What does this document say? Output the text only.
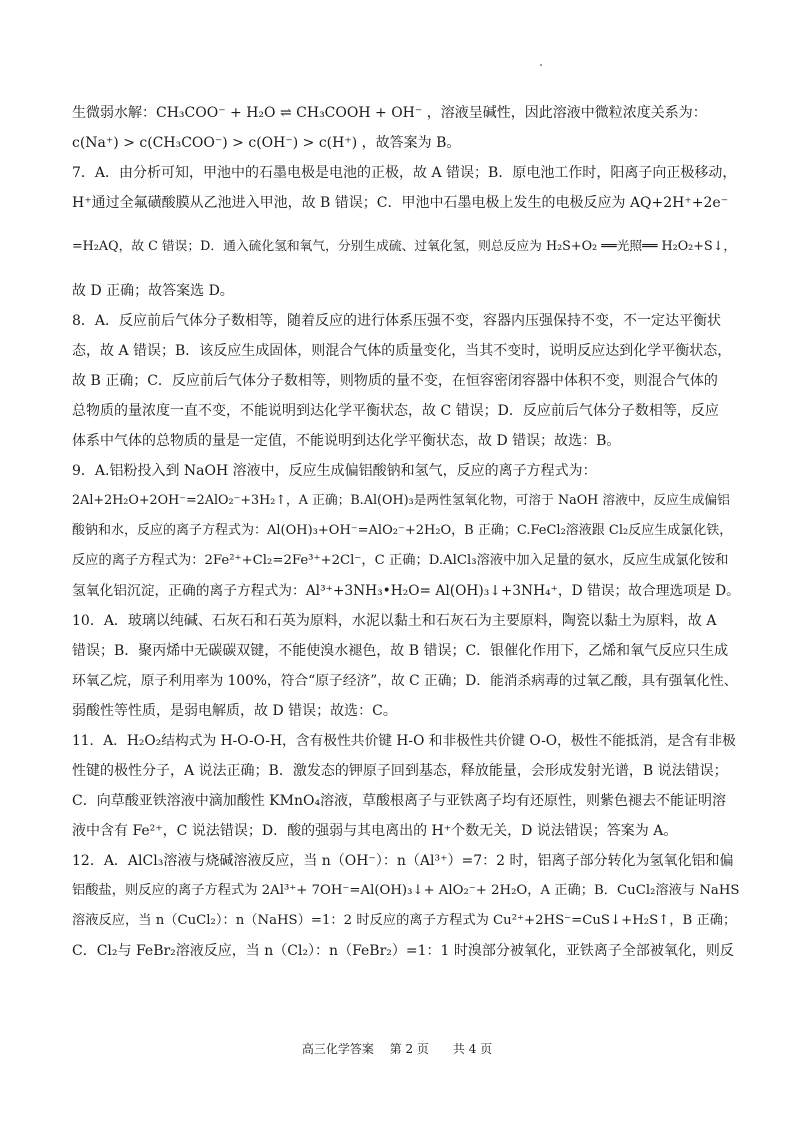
生微弱水解：CH₃COO⁻ + H₂O ⇌ CH₃COOH + OH⁻ ，溶液呈碱性，因此溶液中微粒浓度关系为：
c(Na⁺) > c(CH₃COO⁻) > c(OH⁻) > c(H⁺) ，故答案为 B。
7．A．由分析可知，甲池中的石墨电极是电池的正极，故 A 错误；B．原电池工作时，阳离子向正极移动，
H⁺通过全氟磺酸膜从乙池进入甲池，故 B 错误；C．甲池中石墨电极上发生的电极反应为 AQ+2H⁺+2e⁻
=H₂AQ，故 C 错误；D．通入硫化氢和氧气，分别生成硫、过氧化氢，则总反应为 H₂S+O₂ ══光照══ H₂O₂+S↓，
故 D 正确；故答案选 D。
8．A．反应前后气体分子数相等，随着反应的进行体系压强不变，容器内压强保持不变，不一定达平衡状
态，故 A 错误；B．该反应生成固体，则混合气体的质量变化，当其不变时，说明反应达到化学平衡状态，
故 B 正确；C．反应前后气体分子数相等，则物质的量不变，在恒容密闭容器中体积不变，则混合气体的
总物质的量浓度一直不变，不能说明到达化学平衡状态，故 C 错误；D．反应前后气体分子数相等，反应
体系中气体的总物质的量是一定值，不能说明到达化学平衡状态，故 D 错误；故选：B。
9．A.铝粉投入到 NaOH 溶液中，反应生成偏铝酸钠和氢气，反应的离子方程式为：
2Al+2H₂O+2OH⁻=2AlO₂⁻+3H₂↑，A 正确；B.Al(OH)₃是两性氢氧化物，可溶于 NaOH 溶液中，反应生成偏铝
酸钠和水，反应的离子方程式为：Al(OH)₃+OH⁻=AlO₂⁻+2H₂O，B 正确；C.FeCl₂溶液跟 Cl₂反应生成氯化铁，
反应的离子方程式为：2Fe²⁺+Cl₂=2Fe³⁺+2Cl⁻，C 正确；D.AlCl₃溶液中加入足量的氨水，反应生成氯化铵和
氢氧化铝沉淀，正确的离子方程式为：Al³⁺+3NH₃•H₂O= Al(OH)₃↓+3NH₄⁺，D 错误；故合理选项是 D。
10．A．玻璃以纯碱、石灰石和石英为原料，水泥以黏土和石灰石为主要原料，陶瓷以黏土为原料，故 A
错误；B．聚丙烯中无碳碳双键，不能使溴水褪色，故 B 错误；C．银催化作用下，乙烯和氧气反应只生成
环氧乙烷，原子利用率为 100%，符合“原子经济”，故 C 正确；D．能消杀病毒的过氧乙酸，具有强氧化性、
弱酸性等性质，是弱电解质，故 D 错误；故选：C。
11．A．H₂O₂结构式为 H-O-O-H，含有极性共价键 H-O 和非极性共价键 O-O，极性不能抵消，是含有非极
性键的极性分子，A 说法正确；B．激发态的钾原子回到基态，释放能量，会形成发射光谱，B 说法错误；
C．向草酸亚铁溶液中滴加酸性 KMnO₄溶液，草酸根离子与亚铁离子均有还原性，则紫色褪去不能证明溶
液中含有 Fe²⁺，C 说法错误；D．酸的强弱与其电离出的 H⁺个数无关，D 说法错误；答案为 A。
12．A．AlCl₃溶液与烧碱溶液反应，当 n（OH⁻）：n（Al³⁺）=7：2 时，铝离子部分转化为氢氧化铝和偏
铝酸盐，则反应的离子方程式为 2Al³⁺+ 7OH⁻=Al(OH)₃↓+ AlO₂⁻+ 2H₂O，A 正确；B．CuCl₂溶液与 NaHS
溶液反应，当 n（CuCl₂）：n（NaHS）=1：2 时反应的离子方程式为 Cu²⁺+2HS⁻=CuS↓+H₂S↑，B 正确；
C．Cl₂与 FeBr₂溶液反应，当 n（Cl₂）：n（FeBr₂）=1：1 时溴部分被氧化，亚铁离子全部被氧化，则反
高三化学答案　 第 2 页　　共 4 页
